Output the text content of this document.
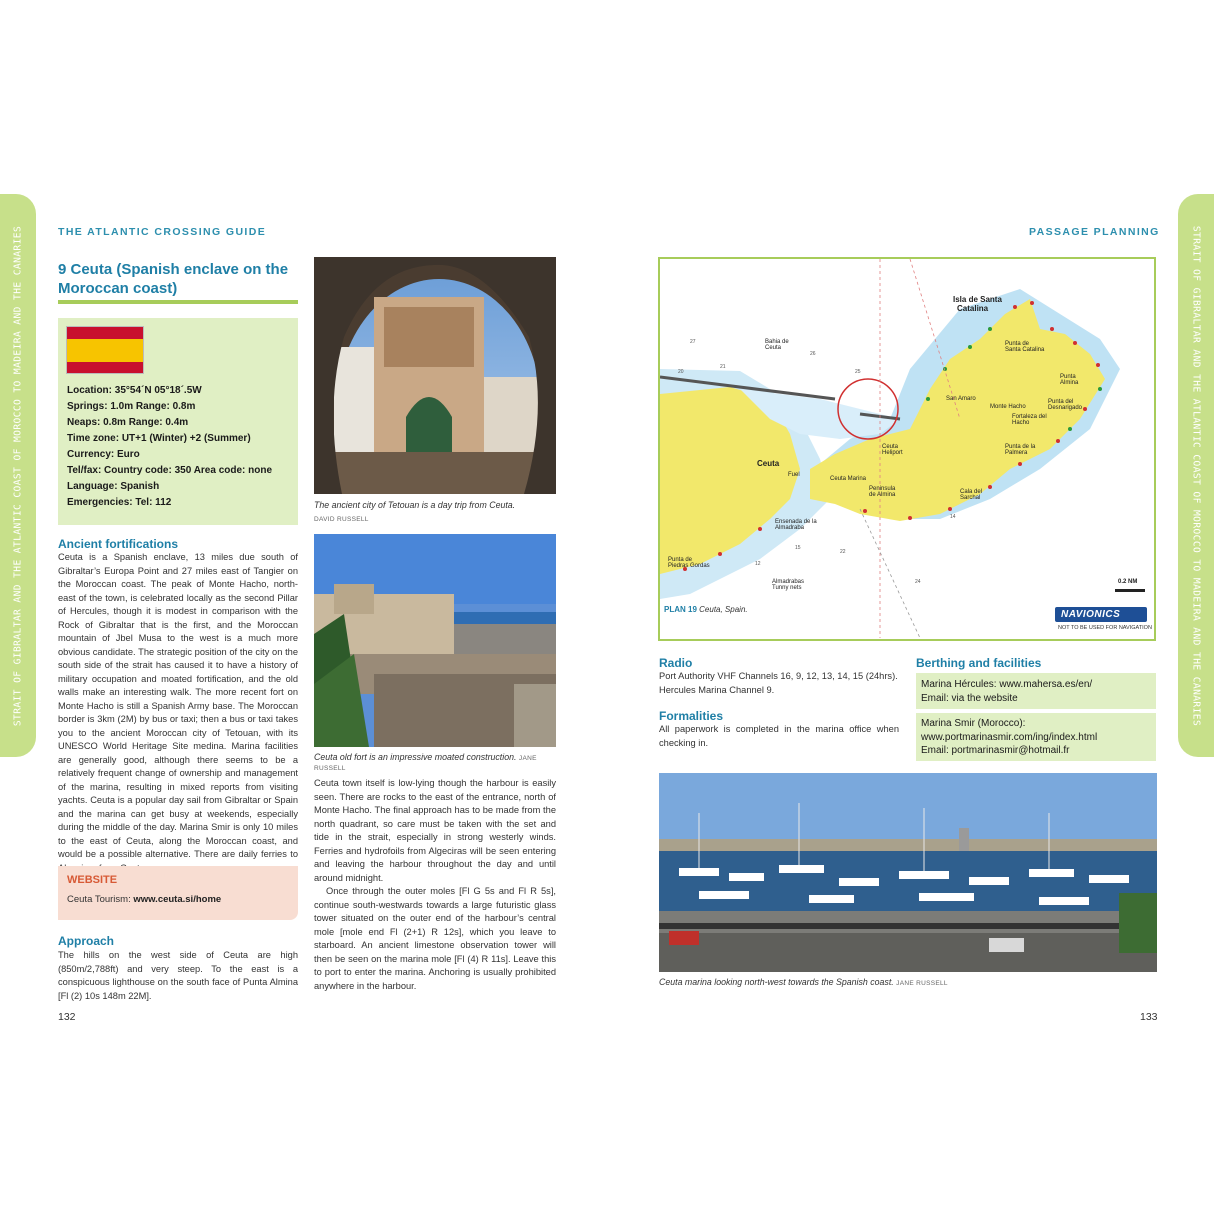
STRAIT OF GIBRALTAR AND THE ATLANTIC COAST OF MOROCCO TO MADEIRA AND THE CANARIES	THE ATLANTIC CROSSING GUIDE
9 Ceuta (Spanish enclave on the
Moroccan coast)
Location: 35°54´N 05°18´.5W
Springs: 1.0m Range: 0.8m
Neaps: 0.8m Range: 0.4m
Time zone: UT+1 (Winter) +2 (Summer)
Currency: Euro
Tel/fax: Country code: 350 Area code: none
Language: Spanish
Emergencies: Tel: 112
Ancient fortifications
Ceuta is a Spanish enclave, 13 miles due south of Gibraltar’s Europa Point and 27 miles east of Tangier on the Moroccan coast. The peak of Monte Hacho, north-east of the town, is celebrated locally as the second Pillar of Hercules, though it is modest in comparison with the Rock of Gibraltar that is the first, and the Moroccan mountain of Jbel Musa to the west is a much more obvious candidate. The strategic position of the city on the south side of the strait has caused it to have a history of military occupation and moated fortification, and the old walls make an interesting walk. The more recent fort on Monte Hacho is still a Spanish Army base. The Moroccan border is 3km (2M) by bus or taxi; then a bus or taxi takes you to the ancient Moroccan city of Tetouan, with its UNESCO World Heritage Site medina. Marina facilities are generally good, although there seems to be a relatively frequent change of ownership and management of the marina, resulting in mixed reports from visiting yachts. Ceuta is a popular day sail from Gibraltar or Spain and the marina can get busy at weekends, especially during the middle of the day. Marina Smir is only 10 miles to the east of Ceuta, along the Moroccan coast, and would be a possible alternative. There are daily ferries to
WEBSITE
Ceuta Tourism: www.ceuta.si/home
Approach
The hills on the west side of Ceuta are high (850m/2,788ft) and very steep. To the east is a conspicuous lighthouse on the south face of Punta Almina [Fl (2) 10s 148m 22M].
The ancient city of Tetouan is a day trip from Ceuta.
DAVID RUSSELL
Ceuta old fort is an impressive moated construction. JANE RUSSELL

Ceuta town itself is low-lying though the harbour is easily seen. There are rocks to the east of the entrance, north of Monte Hacho. The final approach has to be made from the north quadrant, so care must be taken with the set and tide in the strait, especially in strong westerly winds. Ferries and hydrofoils from Algeciras will be seen entering and leaving the harbour throughout the day and until around midnight.

Once through the outer moles [Fl G 5s and Fl R 5s], continue south-westwards towards a large futuristic glass tower situated on the outer end of the harbour’s central mole [mole end Fl (2+1) R 12s], which you leave to starboard. An ancient limestone observation tower will then be seen on the marina mole [Fl (4) R 11s]. Leave this to port to enter the marina. Anchoring is usually prohibited anywhere in the harbour.

132
STRAIT OF GIBRALTAR AND THE ATLANTIC COAST OF MOROCCO TO MADEIRA AND THE CANARIES
PASSAGE PLANNING
Isla de Santa
Catalina
Bahia de
Ceuta
Ceuta
Ceuta
Heliport
Ceuta Marina
Fuel
Peninsula
de Almina
San Amaro
Monte Hacho
Fortaleza del
Hacho
Punta de
Santa Catalina
Punta
Almina
Punta del
Desnarigado
Punta de la
Palmera
Cala del
Sarchal
Ensenada de la
Almadraba
Punta de
Piedras Gordas
Almadrabas
Tunny nets
27
26
25
20
21
22
14
12
15
24	0.2 NM
PLAN 19 Ceuta, Spain.	NAVIONICS
NOT TO BE USED FOR NAVIGATION
Radio
Port Authority VHF Channels 16, 9, 12, 13, 14, 15 (24hrs). Hercules Marina Channel 9.
Formalities
All paperwork is completed in the marina office when checking in.
Berthing and facilities
Marina Hércules: www.mahersa.es/en/
Email: via the website
Marina Smir (Morocco):
www.portmarinasmir.com/ing/index.html
Email: portmarinasmir@hotmail.fr
Ceuta marina looking north-west towards the Spanish coast. JANE RUSSELL
133
